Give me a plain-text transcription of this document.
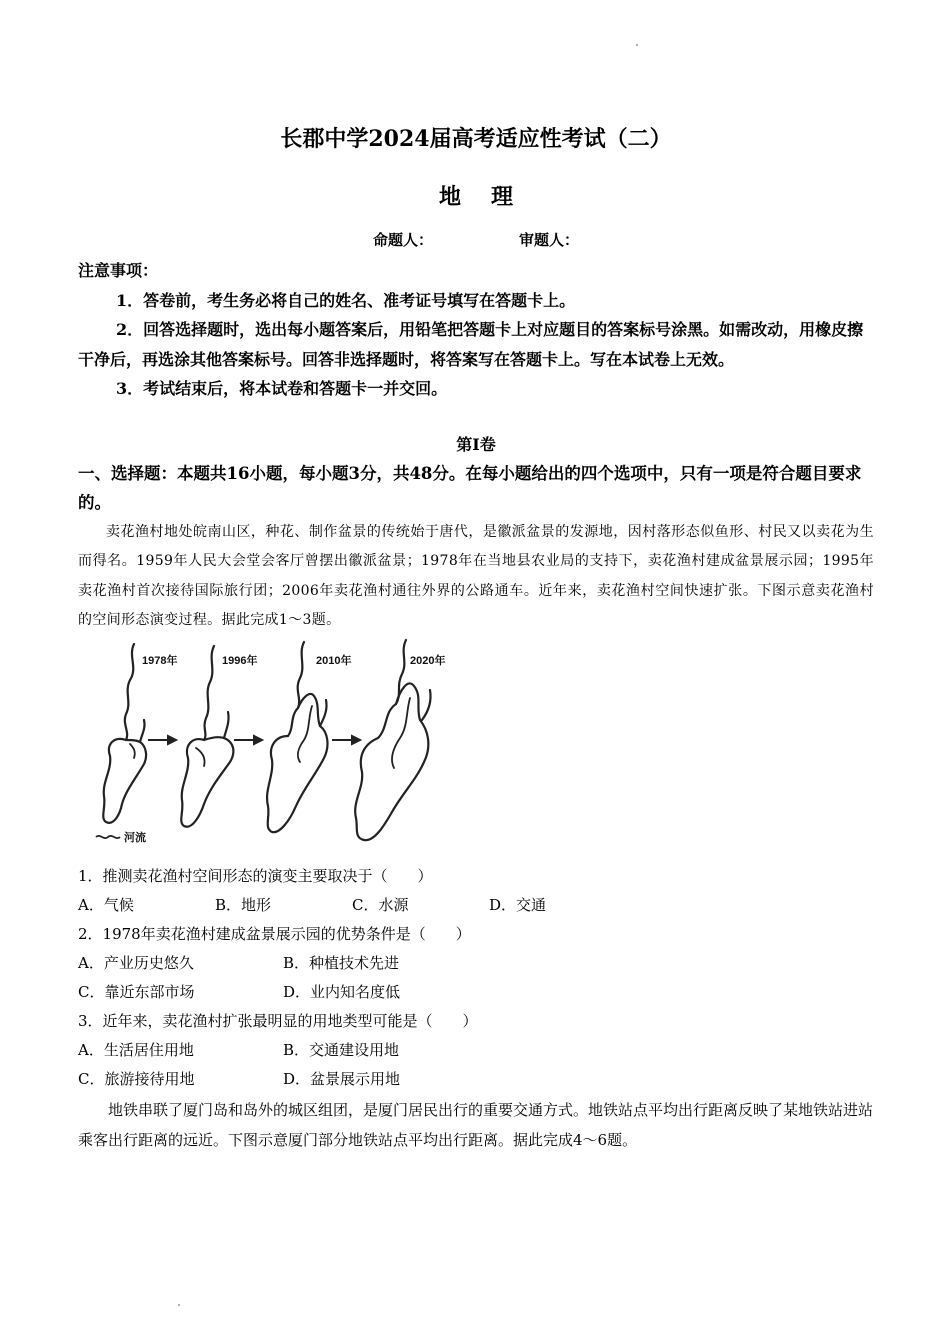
长郡中学2024届高考适应性考试（二）
地理
命题人：	审题人：

注意事项：

1．答卷前，考生务必将自己的姓名、准考证号填写在答题卡上。

2．回答选择题时，选出每小题答案后，用铅笔把答题卡上对应题目的答案标号涂黑。如需改动，用橡皮擦干净后，再选涂其他答案标号。回答非选择题时，将答案写在答题卡上。写在本试卷上无效。

3．考试结束后，将本试卷和答题卡一并交回。

第Ⅰ卷
一、选择题：本题共16小题，每小题3分，共48分。在每小题给出的四个选项中，只有一项是符合题目要求的。
卖花渔村地处皖南山区，种花、制作盆景的传统始于唐代，是徽派盆景的发源地，因村落形态似鱼形、村民又以卖花为生而得名。1959年人民大会堂会客厅曾摆出徽派盆景；1978年在当地县农业局的支持下，卖花渔村建成盆景展示园；1995年卖花渔村首次接待国际旅行团；2006年卖花渔村通往外界的公路通车。近年来，卖花渔村空间快速扩张。下图示意卖花渔村的空间形态演变过程。据此完成1～3题。
1978年	1996年	2010年	2020年
河流

1．推测卖花渔村空间形态的演变主要取决于（　　）

A．气候	B．地形	C．水源	D．交通

2．1978年卖花渔村建成盆景展示园的优势条件是（　　）

A．产业历史悠久	B．种植技术先进

C．靠近东部市场	D．业内知名度低

3．近年来，卖花渔村扩张最明显的用地类型可能是（　　）

A．生活居住用地	B．交通建设用地

C．旅游接待用地	D．盆景展示用地

地铁串联了厦门岛和岛外的城区组团，是厦门居民出行的重要交通方式。地铁站点平均出行距离反映了某地铁站进站乘客出行距离的远近。下图示意厦门部分地铁站点平均出行距离。据此完成4～6题。
